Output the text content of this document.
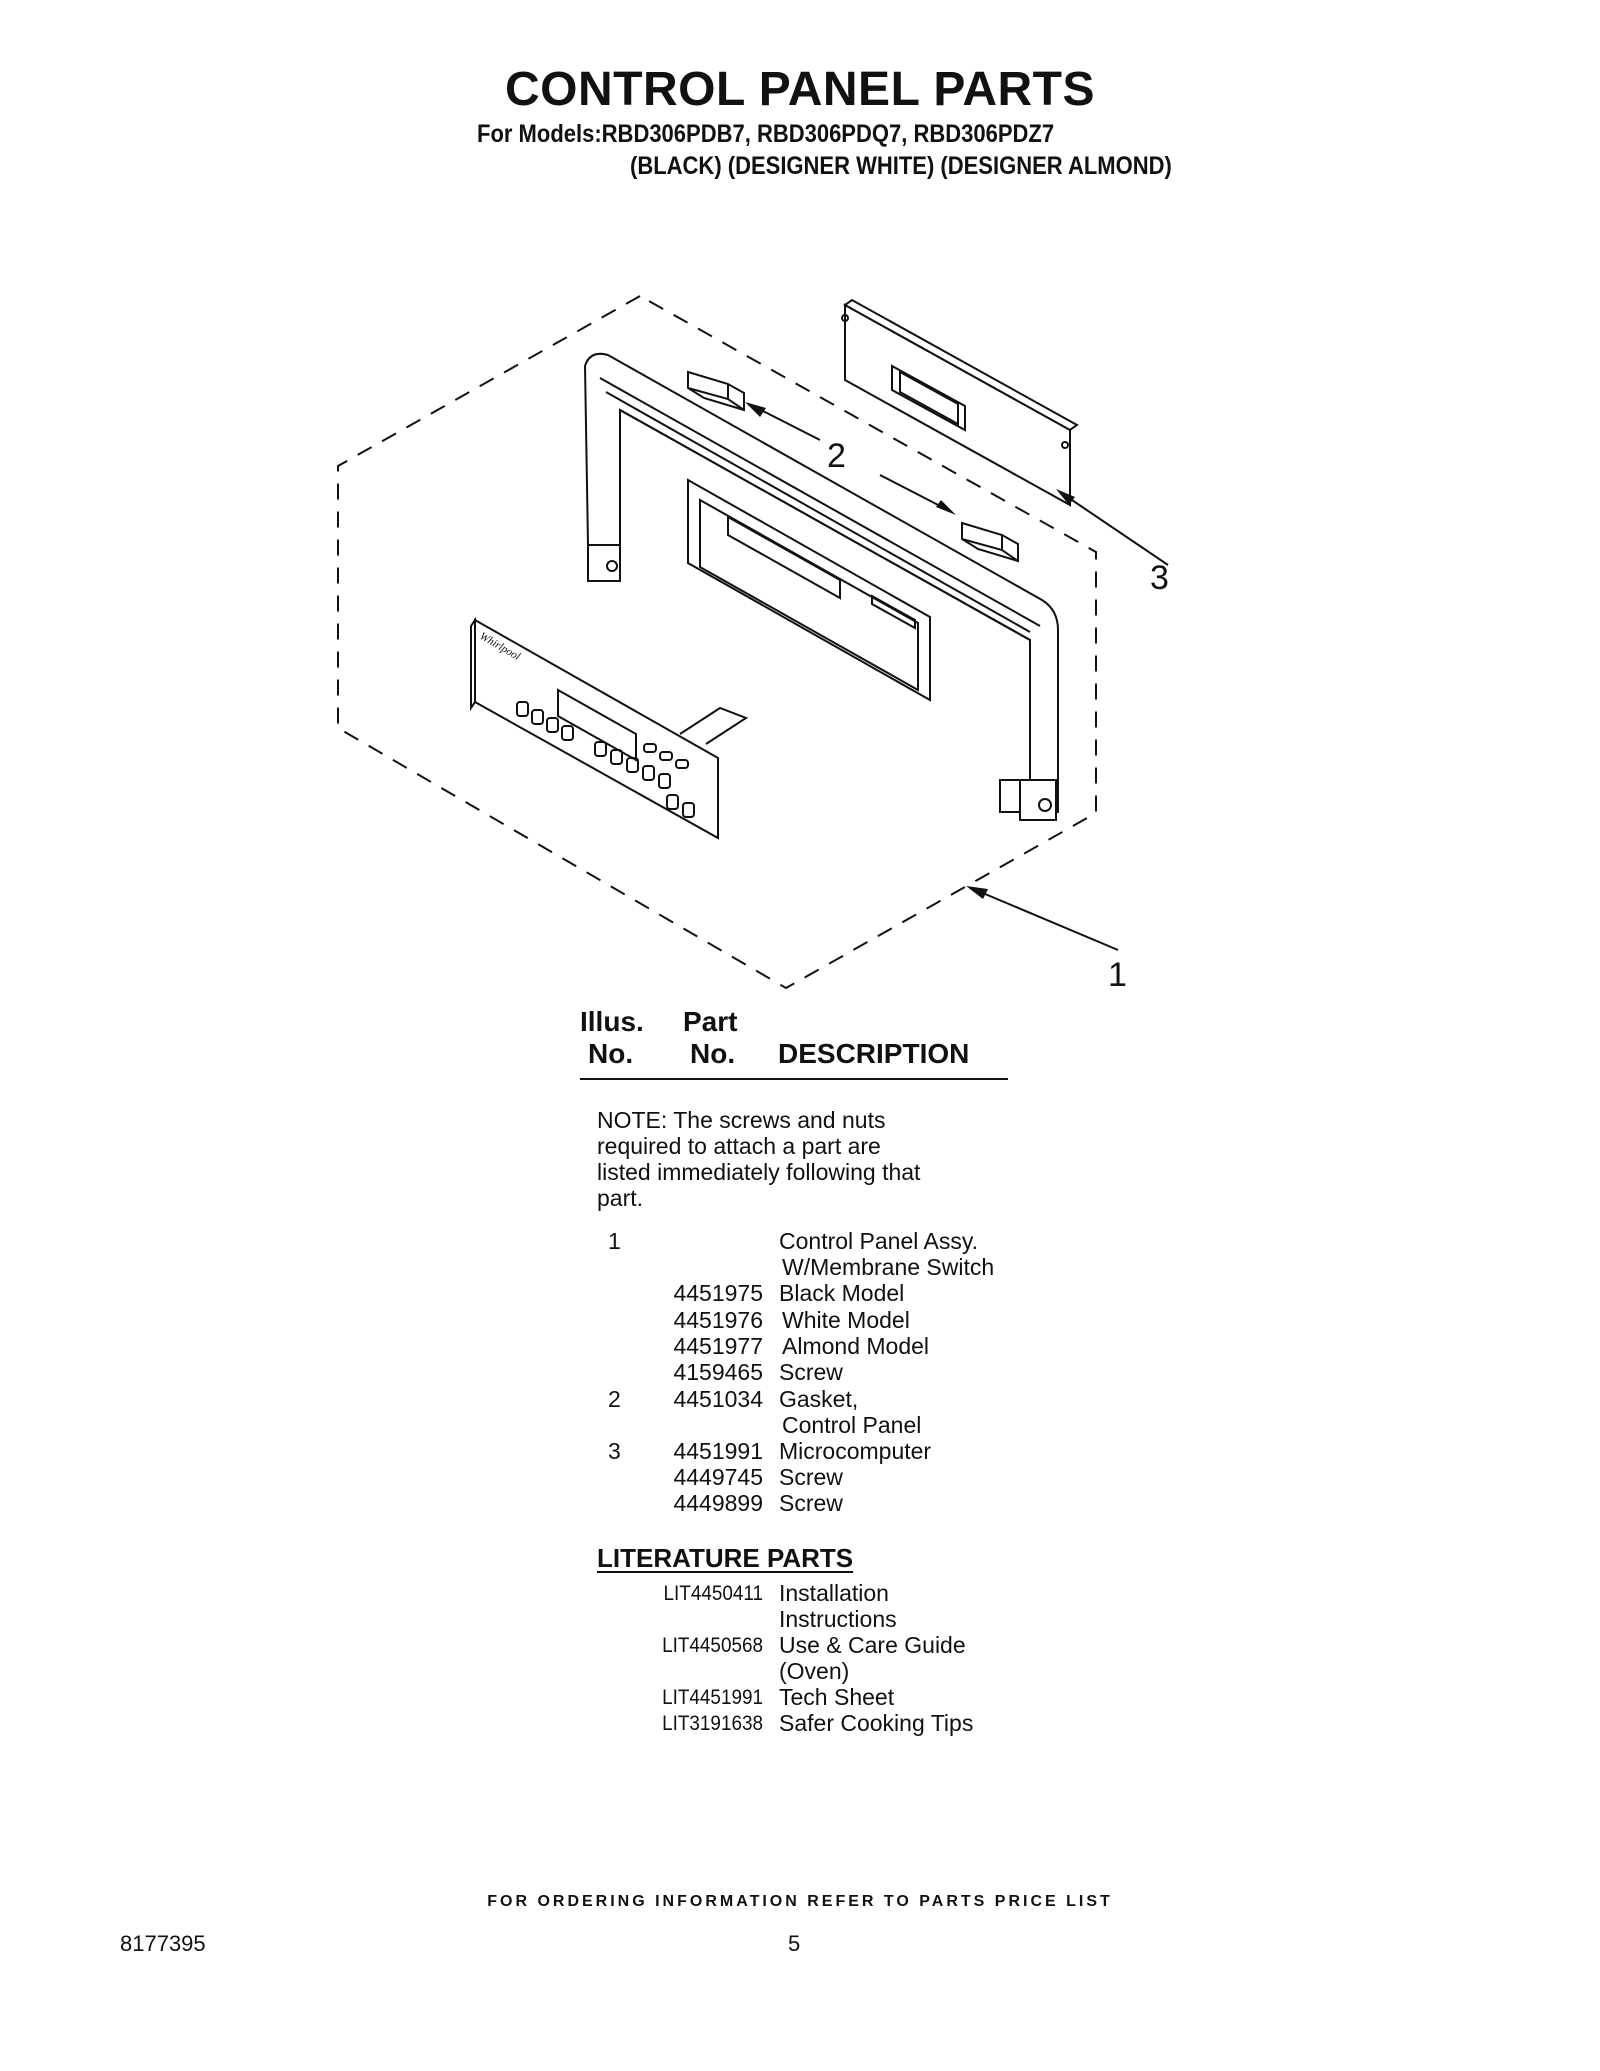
CONTROL PANEL PARTS
For Models:RBD306PDB7, RBD306PDQ7, RBD306PDZ7
(BLACK) (DESIGNER WHITE) (DESIGNER ALMOND)
Whirlpool
1
2
3
Illus.
No.
Part
No. DESCRIPTION
NOTE: The screws and nuts required to attach a part are listed immediately following that part.
1	Control Panel Assy.
W/Membrane Switch
4451975 Black Model
4451976 White Model
4451977 Almond Model
4159465 Screw
2	4451034 Gasket,
Control Panel
3	4451991 Microcomputer
4449745 Screw
4449899 Screw
LITERATURE PARTS
LIT4450411 Installation
Instructions
LIT4450568 Use & Care Guide
(Oven)
LIT4451991 Tech Sheet
LIT3191638 Safer Cooking Tips
FOR ORDERING INFORMATION REFER TO PARTS PRICE LIST
8177395	5
